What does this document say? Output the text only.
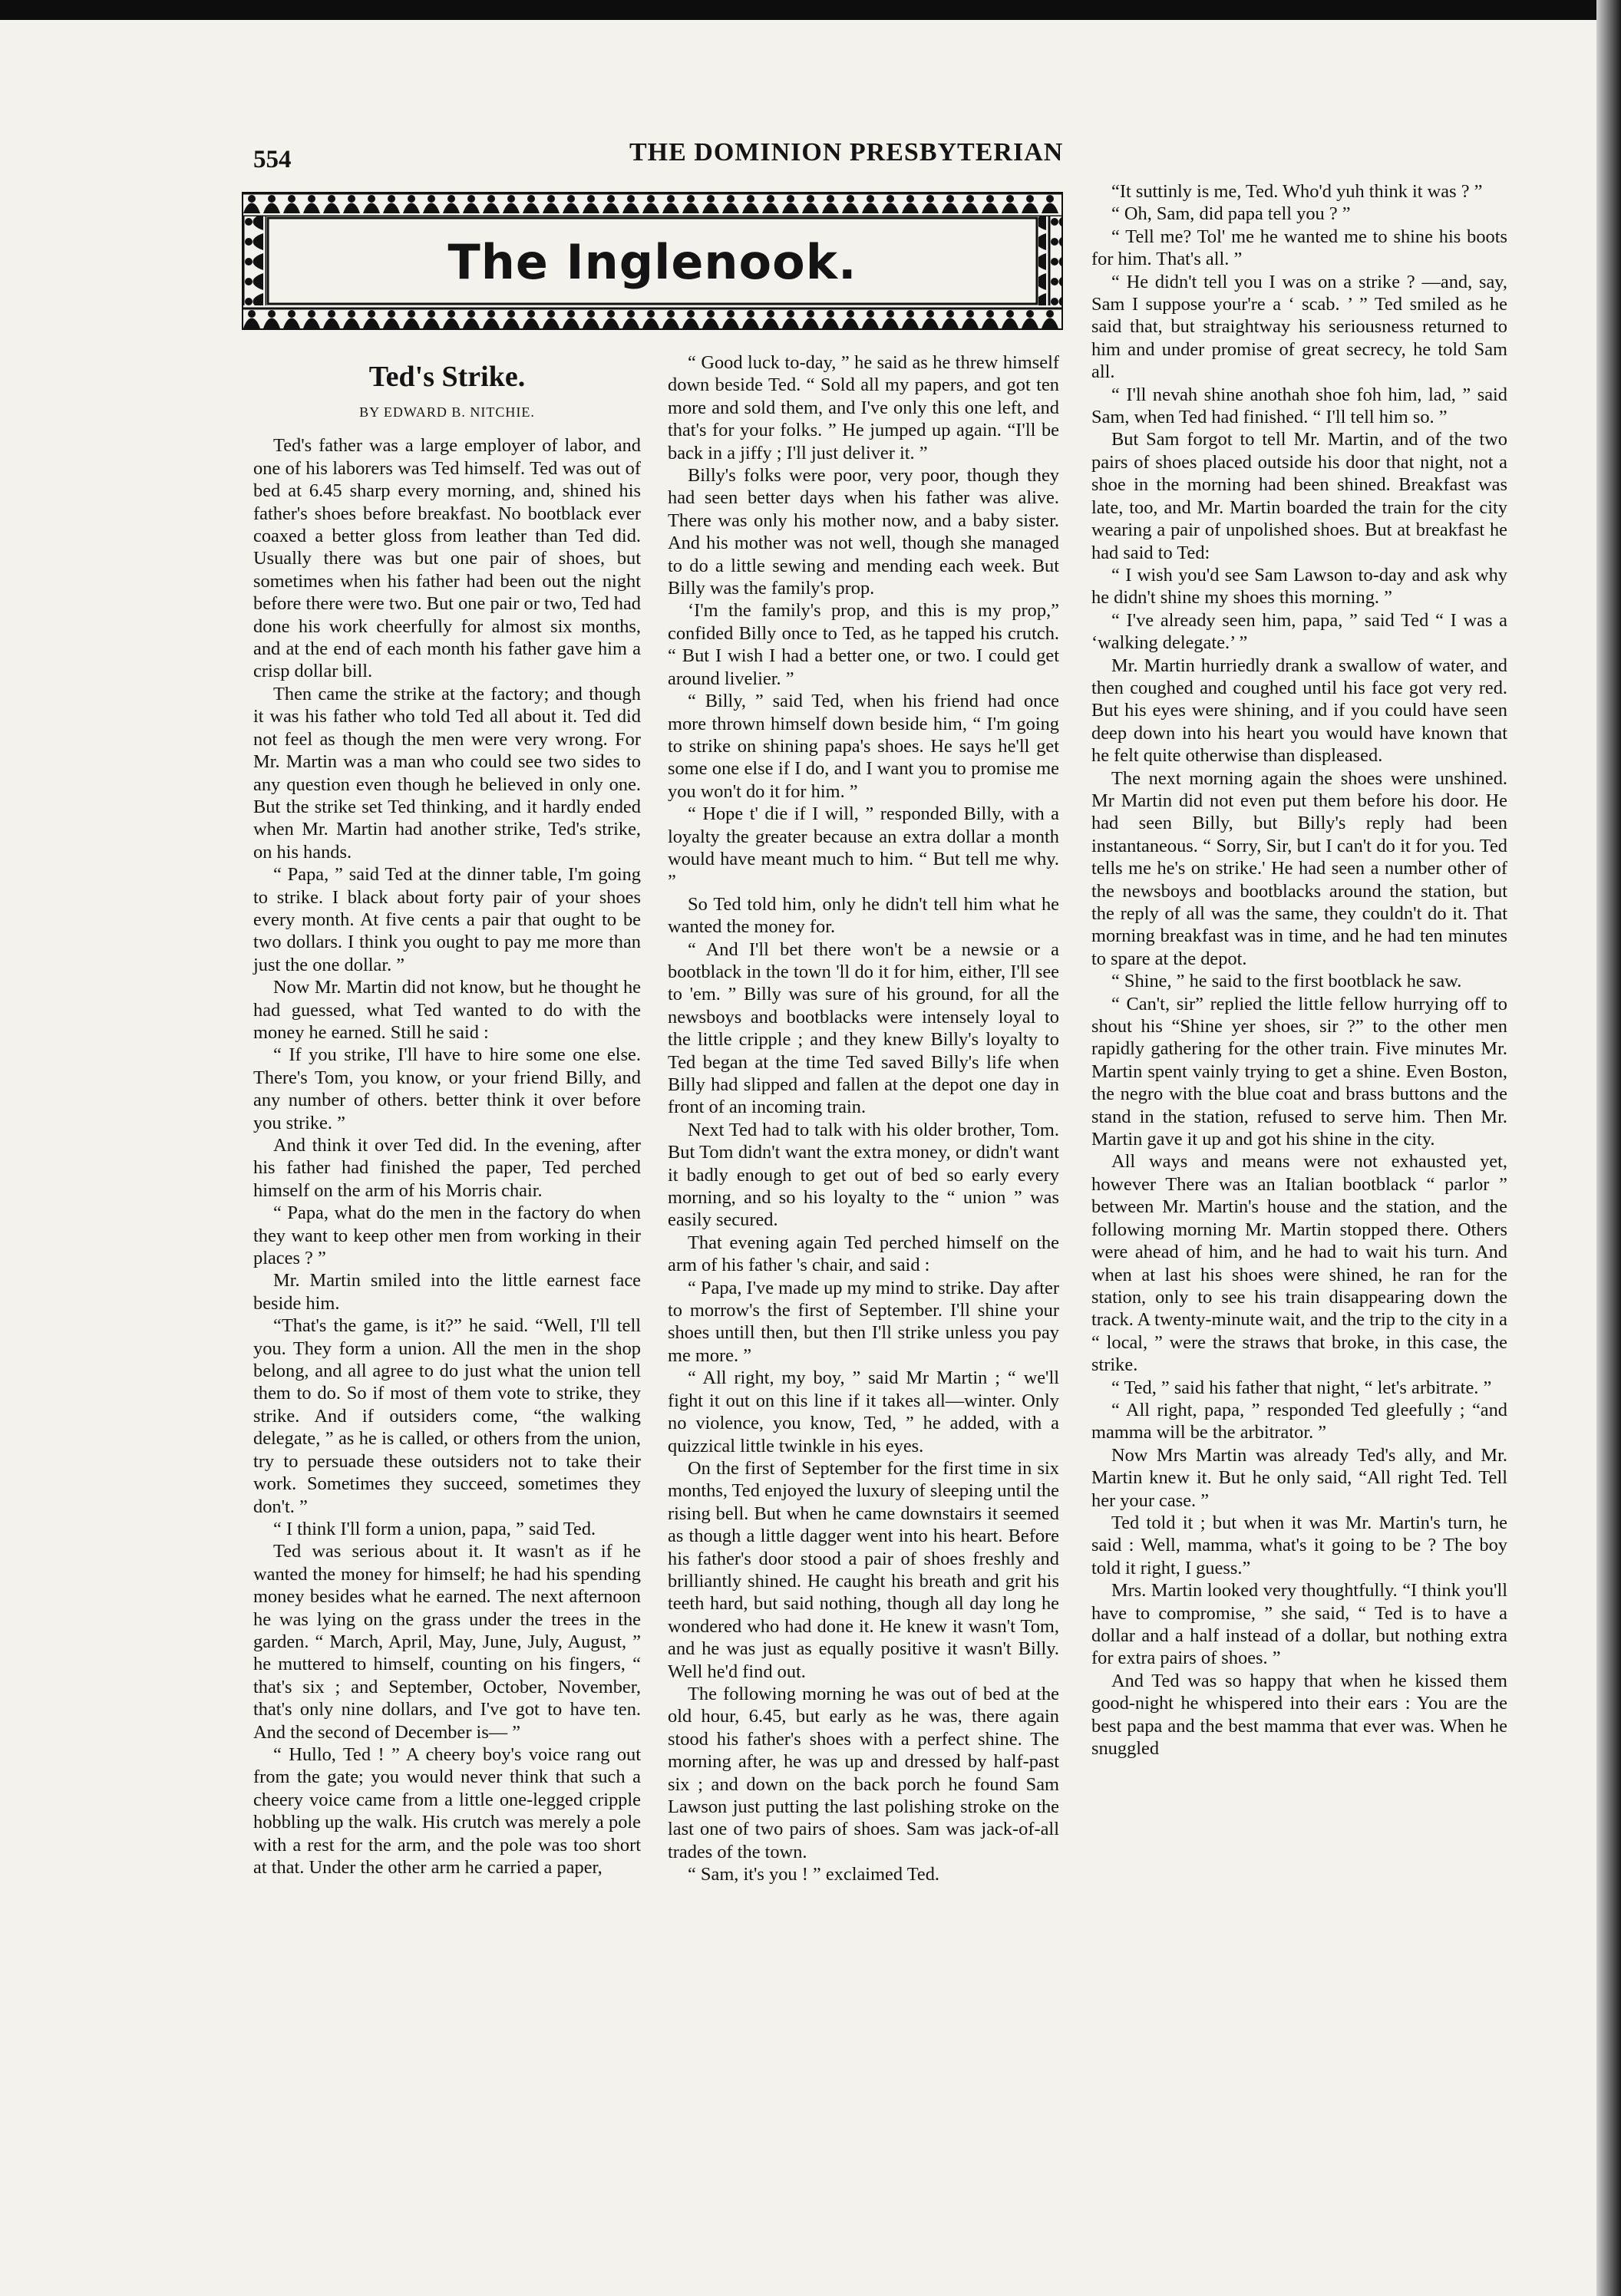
554	THE DOMINION PRESBYTERIAN
The Inglenook.
Ted's Strike.
BY EDWARD B. NITCHIE.

Ted's father was a large employer of labor, and one of his laborers was Ted himself. Ted was out of bed at 6.45 sharp every morning, and, shined his father's shoes before breakfast. No bootblack ever coaxed a better gloss from leather than Ted did. Usually there was but one pair of shoes, but sometimes when his father had been out the night before there were two. But one pair or two, Ted had done his work cheerfully for almost six months, and at the end of each month his father gave him a crisp dollar bill.

Then came the strike at the factory; and though it was his father who told Ted all about it. Ted did not feel as though the men were very wrong. For Mr. Martin was a man who could see two sides to any question even though he believed in only one. But the strike set Ted thinking, and it hardly ended when Mr. Martin had another strike, Ted's strike, on his hands.

“ Papa, ” said Ted at the dinner table, I'm going to strike. I black about forty pair of your shoes every month. At five cents a pair that ought to be two dollars. I think you ought to pay me more than just the one dollar. ”

Now Mr. Martin did not know, but he thought he had guessed, what Ted wanted to do with the money he earned. Still he said :

“ If you strike, I'll have to hire some one else. There's Tom, you know, or your friend Billy, and any number of others. better think it over before you strike. ”

And think it over Ted did. In the evening, after his father had finished the paper, Ted perched himself on the arm of his Morris chair.

“ Papa, what do the men in the factory do when they want to keep other men from working in their places ? ”

Mr. Martin smiled into the little earnest face beside him.

“That's the game, is it?” he said. “Well, I'll tell you. They form a union. All the men in the shop belong, and all agree to do just what the union tell them to do. So if most of them vote to strike, they strike. And if outsiders come, “the walking delegate, ” as he is called, or others from the union, try to persuade these outsiders not to take their work. Sometimes they succeed, sometimes they don't. ”

“ I think I'll form a union, papa, ” said Ted.

Ted was serious about it. It wasn't as if he wanted the money for himself; he had his spending money besides what he earned. The next afternoon he was lying on the grass under the trees in the garden. “ March, April, May, June, July, August, ” he muttered to himself, counting on his fingers, “ that's six ; and September, October, November, that's only nine dollars, and I've got to have ten. And the second of December is— ”

“ Hullo, Ted ! ” A cheery boy's voice rang out from the gate; you would never think that such a cheery voice came from a little one-legged cripple hobbling up the walk. His crutch was merely a pole with a rest for the arm, and the pole was too short at that. Under the other arm he carried a paper,

“ Good luck to-day, ” he said as he threw himself down beside Ted. “ Sold all my papers, and got ten more and sold them, and I've only this one left, and that's for your folks. ” He jumped up again. “I'll be back in a jiffy ; I'll just deliver it. ”

Billy's folks were poor, very poor, though they had seen better days when his father was alive. There was only his mother now, and a baby sister. And his mother was not well, though she managed to do a little sewing and mending each week. But Billy was the family's prop.

‘I'm the family's prop, and this is my prop,” confided Billy once to Ted, as he tapped his crutch. “ But I wish I had a better one, or two. I could get around livelier. ”

“ Billy, ” said Ted, when his friend had once more thrown himself down beside him, “ I'm going to strike on shining papa's shoes. He says he'll get some one else if I do, and I want you to promise me you won't do it for him. ”

“ Hope t' die if I will, ” responded Billy, with a loyalty the greater because an extra dollar a month would have meant much to him. “ But tell me why. ”

So Ted told him, only he didn't tell him what he wanted the money for.

“ And I'll bet there won't be a newsie or a bootblack in the town 'll do it for him, either, I'll see to 'em. ” Billy was sure of his ground, for all the newsboys and bootblacks were intensely loyal to the little cripple ; and they knew Billy's loyalty to Ted began at the time Ted saved Billy's life when Billy had slipped and fallen at the depot one day in front of an incoming train.

Next Ted had to talk with his older brother, Tom. But Tom didn't want the extra money, or didn't want it badly enough to get out of bed so early every morning, and so his loyalty to the “ union ” was easily secured.

That evening again Ted perched himself on the arm of his father 's chair, and said :

“ Papa, I've made up my mind to strike. Day after to morrow's the first of September. I'll shine your shoes untill then, but then I'll strike unless you pay me more. ”

“ All right, my boy, ” said Mr Martin ; “ we'll fight it out on this line if it takes all—winter. Only no violence, you know, Ted, ” he added, with a quizzical little twinkle in his eyes.

On the first of September for the first time in six months, Ted enjoyed the luxury of sleeping until the rising bell. But when he came downstairs it seemed as though a little dagger went into his heart. Before his father's door stood a pair of shoes freshly and brilliantly shined. He caught his breath and grit his teeth hard, but said nothing, though all day long he wondered who had done it. He knew it wasn't Tom, and he was just as equally positive it wasn't Billy. Well he'd find out.

The following morning he was out of bed at the old hour, 6.45, but early as he was, there again stood his father's shoes with a perfect shine. The morning after, he was up and dressed by half-past six ; and down on the back porch he found Sam Lawson just putting the last polishing stroke on the last one of two pairs of shoes. Sam was jack-of-all trades of the town.

“ Sam, it's you ! ” exclaimed Ted.

“It suttinly is me, Ted. Who'd yuh think it was ? ”

“ Oh, Sam, did papa tell you ? ”

“ Tell me? Tol' me he wanted me to shine his boots for him. That's all. ”

“ He didn't tell you I was on a strike ? —and, say, Sam I suppose your're a ‘ scab. ’ ” Ted smiled as he said that, but straightway his seriousness returned to him and under promise of great secrecy, he told Sam all.

“ I'll nevah shine anothah shoe foh him, lad, ” said Sam, when Ted had finished. “ I'll tell him so. ”

But Sam forgot to tell Mr. Martin, and of the two pairs of shoes placed outside his door that night, not a shoe in the morning had been shined. Breakfast was late, too, and Mr. Martin boarded the train for the city wearing a pair of unpolished shoes. But at breakfast he had said to Ted:

“ I wish you'd see Sam Lawson to-day and ask why he didn't shine my shoes this morning. ”

“ I've already seen him, papa, ” said Ted “ I was a ‘walking delegate.’ ”

Mr. Martin hurriedly drank a swallow of water, and then coughed and coughed until his face got very red. But his eyes were shining, and if you could have seen deep down into his heart you would have known that he felt quite otherwise than displeased.

The next morning again the shoes were unshined. Mr Martin did not even put them before his door. He had seen Billy, but Billy's reply had been instantaneous. “ Sorry, Sir, but I can't do it for you. Ted tells me he's on strike.' He had seen a number other of the newsboys and bootblacks around the station, but the reply of all was the same, they couldn't do it. That morning breakfast was in time, and he had ten minutes to spare at the depot.

“ Shine, ” he said to the first bootblack he saw.

“ Can't, sir” replied the little fellow hurrying off to shout his “Shine yer shoes, sir ?” to the other men rapidly gathering for the other train. Five minutes Mr. Martin spent vainly trying to get a shine. Even Boston, the negro with the blue coat and brass buttons and the stand in the station, refused to serve him. Then Mr. Martin gave it up and got his shine in the city.

All ways and means were not exhausted yet, however There was an Italian bootblack “ parlor ” between Mr. Martin's house and the station, and the following morning Mr. Martin stopped there. Others were ahead of him, and he had to wait his turn. And when at last his shoes were shined, he ran for the station, only to see his train disappearing down the track. A twenty-minute wait, and the trip to the city in a “ local, ” were the straws that broke, in this case, the strike.

“ Ted, ” said his father that night, “ let's arbitrate. ”

“ All right, papa, ” responded Ted gleefully ; “and mamma will be the arbitrator. ”

Now Mrs Martin was already Ted's ally, and Mr. Martin knew it. But he only said, “All right Ted. Tell her your case. ”

Ted told it ; but when it was Mr. Martin's turn, he said : Well, mamma, what's it going to be ? The boy told it right, I guess.”

Mrs. Martin looked very thoughtfully. “I think you'll have to compromise, ” she said, “ Ted is to have a dollar and a half instead of a dollar, but nothing extra for extra pairs of shoes. ”

And Ted was so happy that when he kissed them good-night he whispered into their ears : You are the best papa and the best mamma that ever was. When he snuggled
